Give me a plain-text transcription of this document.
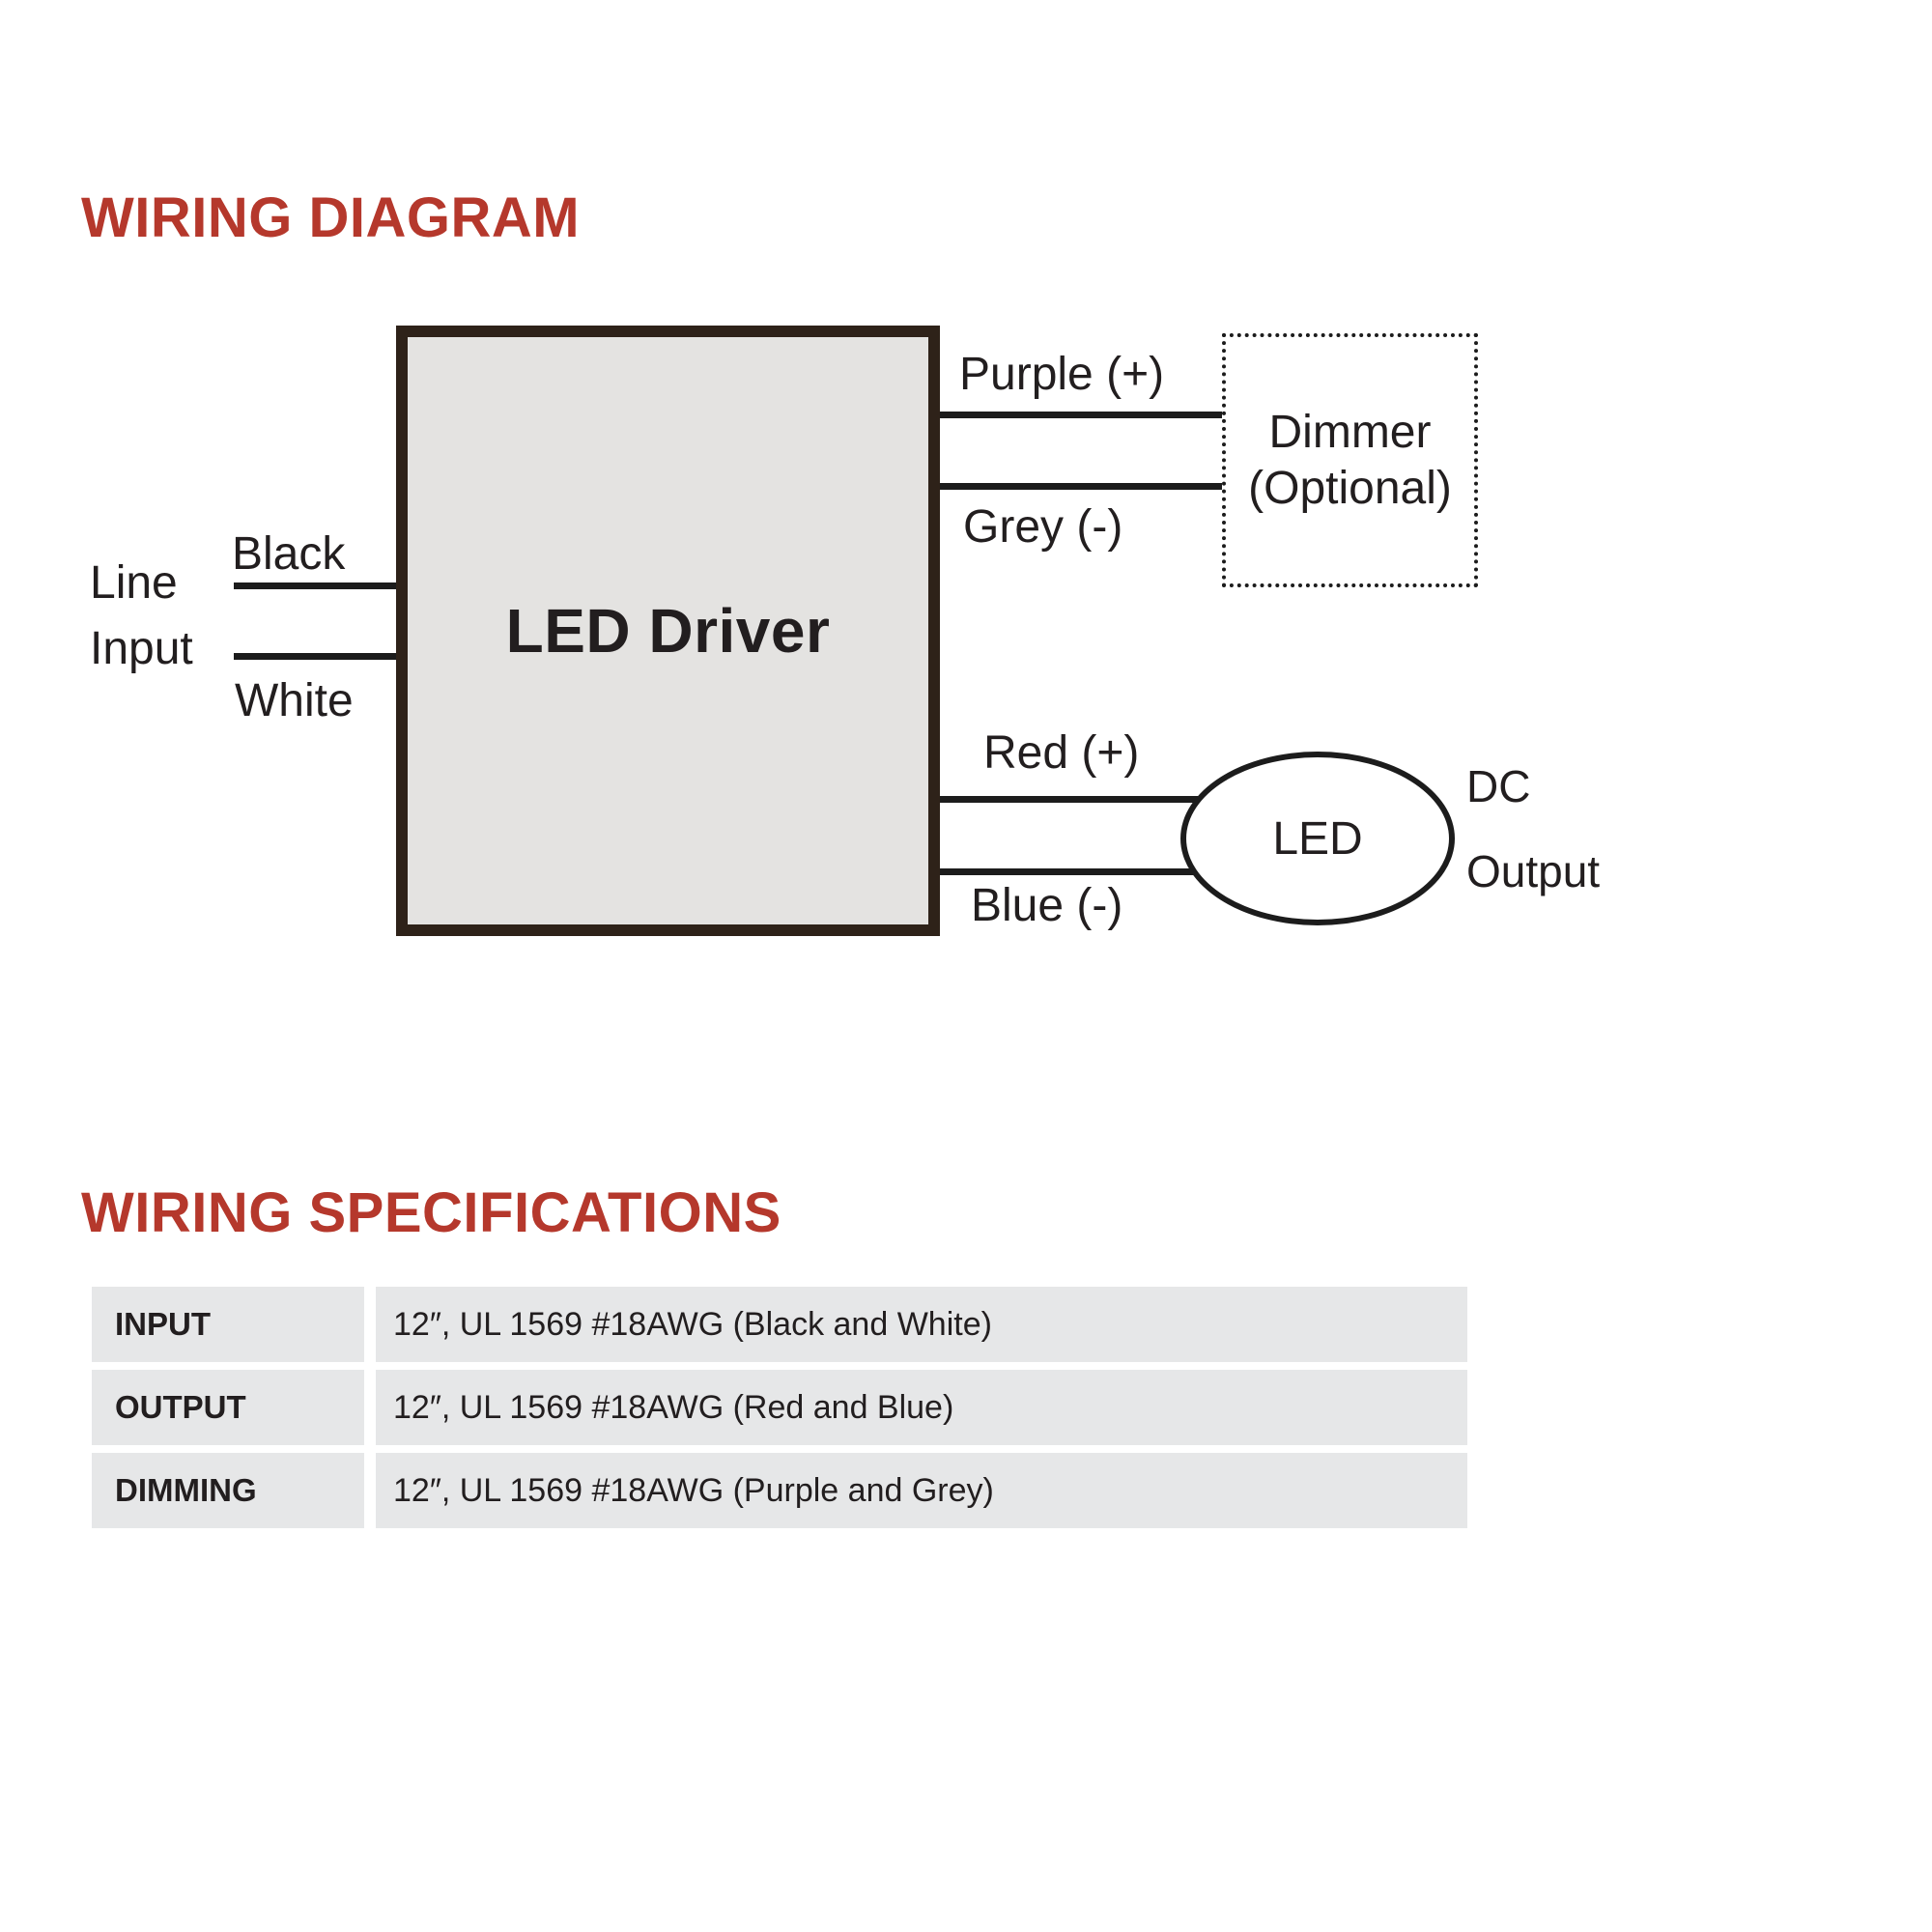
WIRING DIAGRAM
LED Driver
Line
Input
Black
White
Purple (+)
Grey (-)
Red (+)
Blue (-)
Dimmer
(Optional)
LED
DC
Output
WIRING SPECIFICATIONS
INPUT	12″, UL 1569 #18AWG (Black and White)
OUTPUT	12″, UL 1569 #18AWG (Red and Blue)
DIMMING	12″, UL 1569 #18AWG (Purple and Grey)
